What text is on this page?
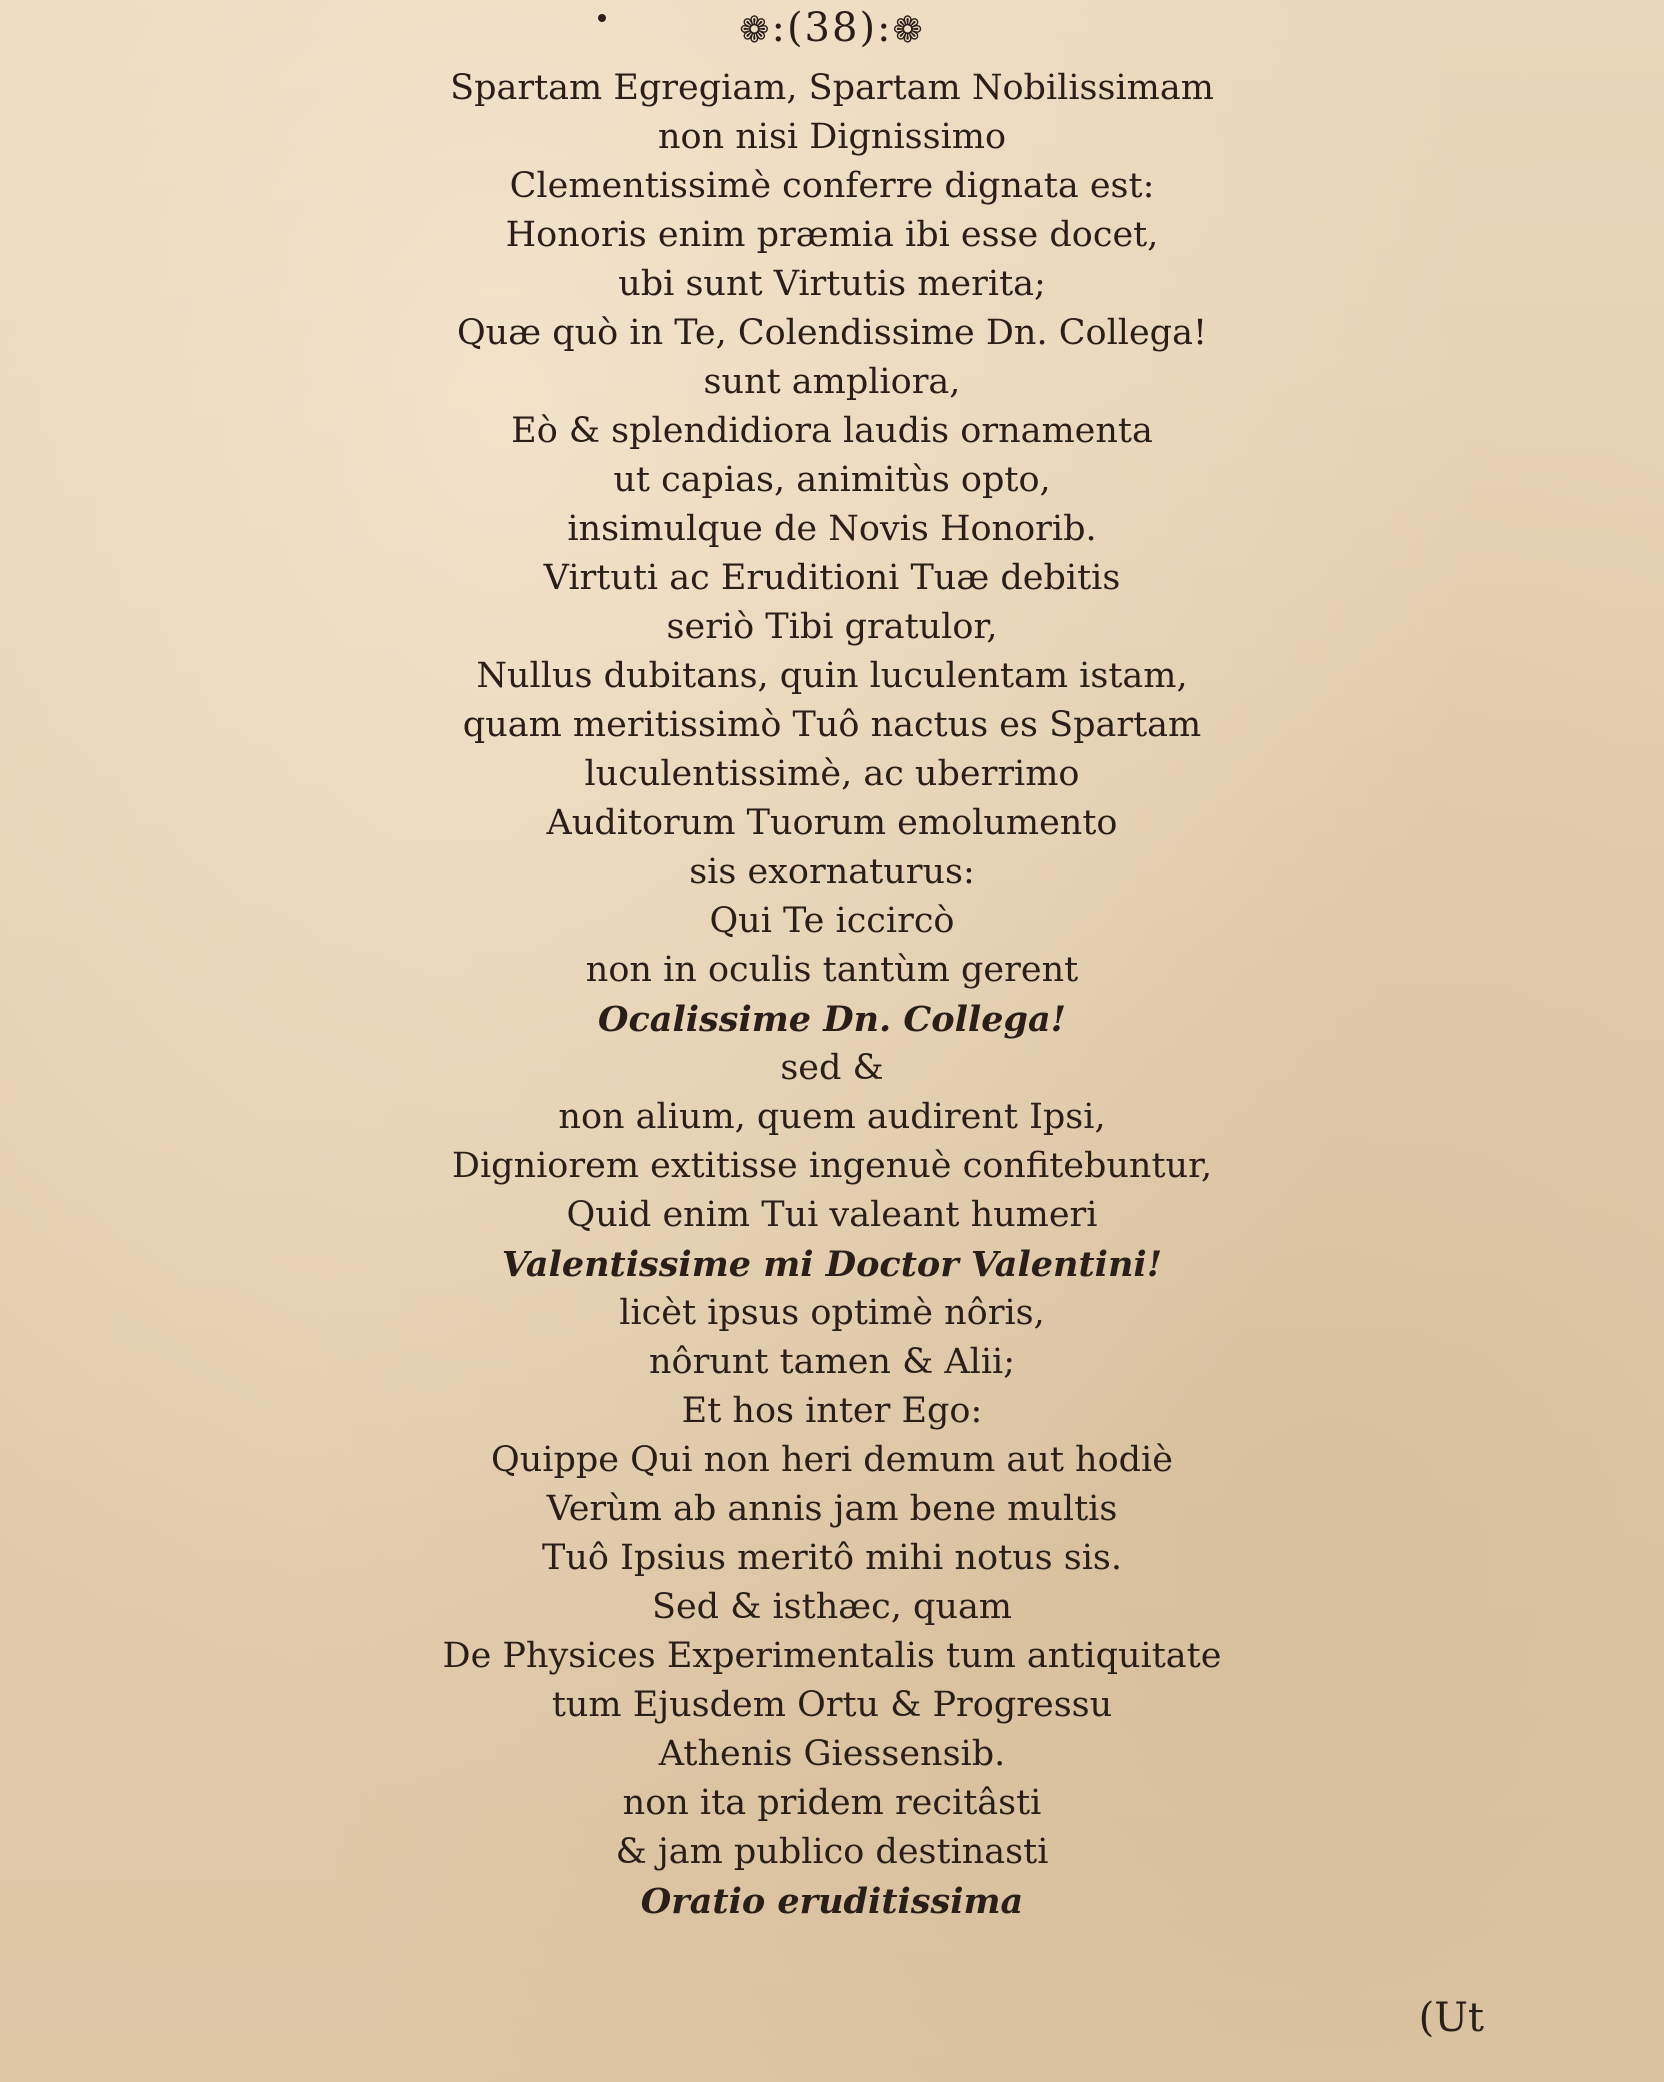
❁:(38):❁
Spartam Egregiam, Spartam Nobilissimam
non nisi Dignissimo
Clementissimè conferre dignata est:
Honoris enim præmia ibi esse docet,
ubi sunt Virtutis merita;
Quæ quò in Te, Colendissime Dn. Collega!
sunt ampliora,
Eò & splendidiora laudis ornamenta
ut capias, animitùs opto,
insimulque de Novis Honorib.
Virtuti ac Eruditioni Tuæ debitis
seriò Tibi gratulor,
Nullus dubitans, quin luculentam istam,
quam meritissimò Tuô nactus es Spartam
luculentissimè, ac uberrimo
Auditorum Tuorum emolumento
sis exornaturus:
Qui Te iccircò
non in oculis tantùm gerent
Ocalissime Dn. Collega!
sed &
non alium, quem audirent Ipsi,
Digniorem extitisse ingenuè confitebuntur,
Quid enim Tui valeant humeri
Valentissime mi Doctor Valentini!
licèt ipsus optimè nôris,
nôrunt tamen & Alii;
Et hos inter Ego:
Quippe Qui non heri demum aut hodiè
Verùm ab annis jam bene multis
Tuô Ipsius meritô mihi notus sis.
Sed & isthæc, quam
De Physices Experimentalis tum antiquitate
tum Ejusdem Ortu & Progressu
Athenis Giessensib.
non ita pridem recitâsti
& jam publico destinasti
Oratio eruditissima
(Ut
